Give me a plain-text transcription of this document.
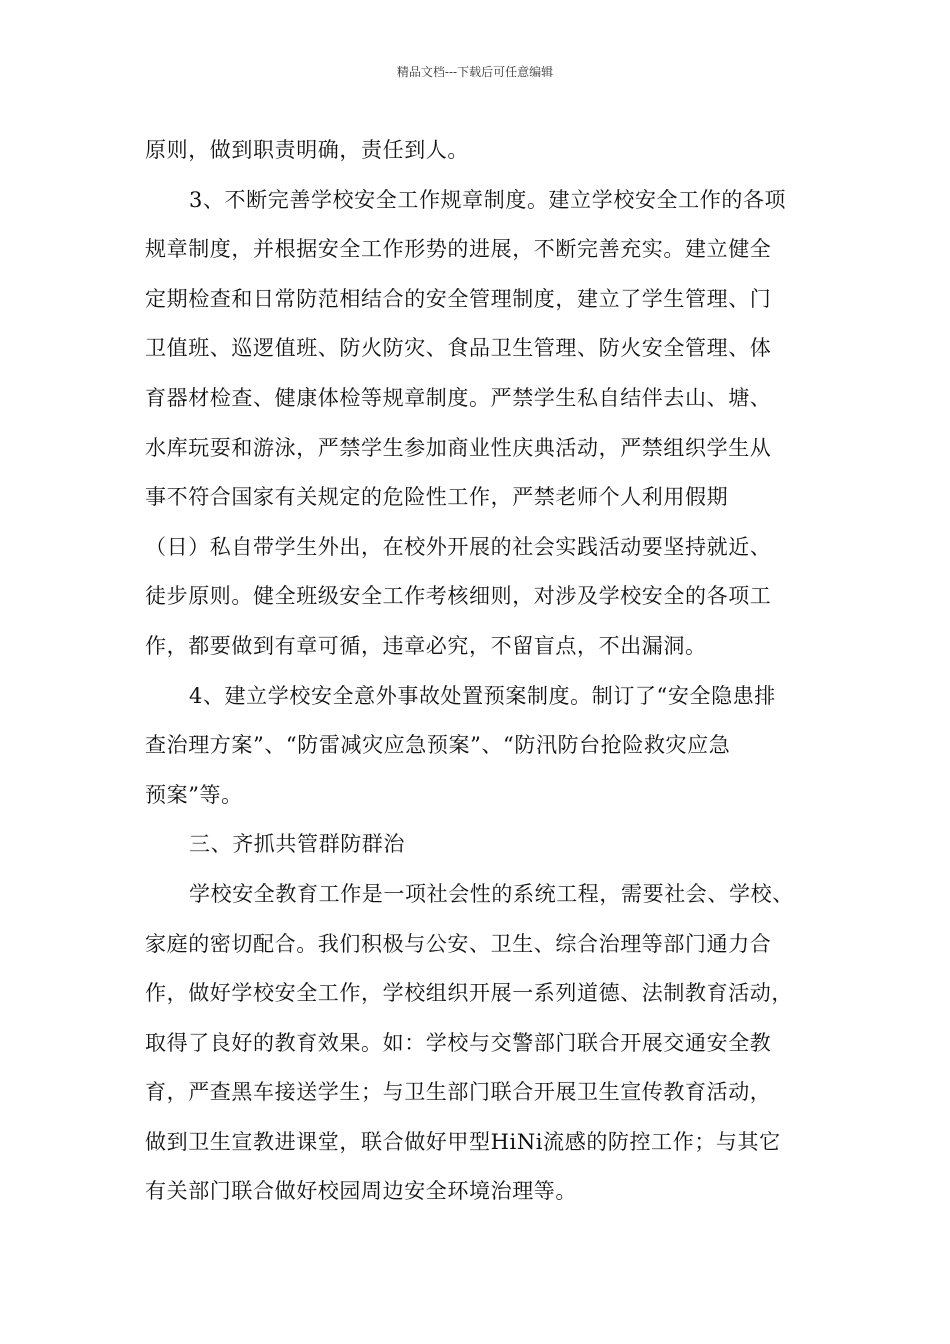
精品文档---下载后可任意编辑
原则，做到职责明确，责任到人。
3、不断完善学校安全工作规章制度。建立学校安全工作的各项
规章制度，并根据安全工作形势的进展，不断完善充实。建立健全
定期检查和日常防范相结合的安全管理制度，建立了学生管理、门
卫值班、巡逻值班、防火防灾、食品卫生管理、防火安全管理、体
育器材检查、健康体检等规章制度。严禁学生私自结伴去山、塘、
水库玩耍和游泳，严禁学生参加商业性庆典活动，严禁组织学生从
事不符合国家有关规定的危险性工作，严禁老师个人利用假期
（日）私自带学生外出，在校外开展的社会实践活动要坚持就近、
徒步原则。健全班级安全工作考核细则，对涉及学校安全的各项工
作，都要做到有章可循，违章必究，不留盲点，不出漏洞。
4、建立学校安全意外事故处置预案制度。制订了“安全隐患排
查治理方案”、“防雷减灾应急预案”、“防汛防台抢险救灾应急
预案”等。
三、齐抓共管群防群治
学校安全教育工作是一项社会性的系统工程，需要社会、学校、
家庭的密切配合。我们积极与公安、卫生、综合治理等部门通力合
作，做好学校安全工作，学校组织开展一系列道德、法制教育活动，
取得了良好的教育效果。如：学校与交警部门联合开展交通安全教
育，严查黑车接送学生；与卫生部门联合开展卫生宣传教育活动，
做到卫生宣教进课堂，联合做好甲型HiNi流感的防控工作；与其它
有关部门联合做好校园周边安全环境治理等。
